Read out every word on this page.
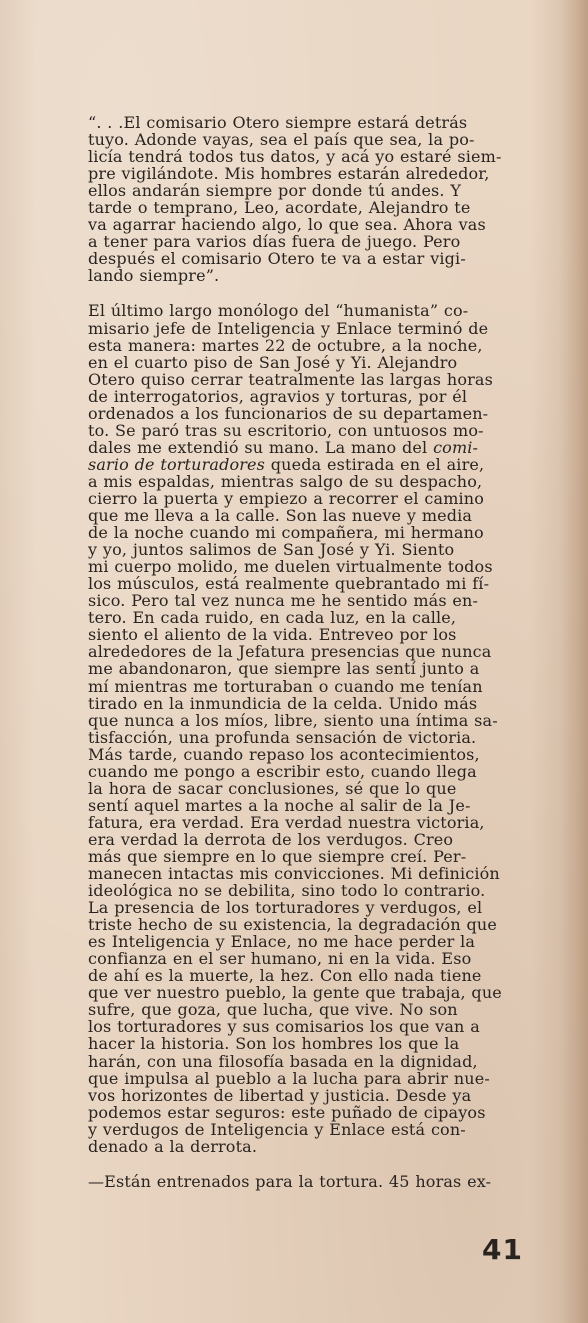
“. . .El comisario Otero siempre estará detrás
tuyo. Adonde vayas, sea el país que sea, la po-
licía tendrá todos tus datos, y acá yo estaré siem-
pre vigilándote. Mis hombres estarán alrededor,
ellos andarán siempre por donde tú andes. Y
tarde o temprano, Leo, acordate, Alejandro te
va agarrar haciendo algo, lo que sea. Ahora vas
a tener para varios días fuera de juego. Pero
después el comisario Otero te va a estar vigi-
lando siempre”.

El último largo monólogo del “humanista” co-
misario jefe de Inteligencia y Enlace terminó de
esta manera: martes 22 de octubre, a la noche,
en el cuarto piso de San José y Yi. Alejandro
Otero quiso cerrar teatralmente las largas horas
de interrogatorios, agravios y torturas, por él
ordenados a los funcionarios de su departamen-
to. Se paró tras su escritorio, con untuosos mo-
dales me extendió su mano. La mano del comi-
sario de torturadores queda estirada en el aire,
a mis espaldas, mientras salgo de su despacho,
cierro la puerta y empiezo a recorrer el camino
que me lleva a la calle. Son las nueve y media
de la noche cuando mi compañera, mi hermano
y yo, juntos salimos de San José y Yi. Siento
mi cuerpo molido, me duelen virtualmente todos
los músculos, está realmente quebrantado mi fí-
sico. Pero tal vez nunca me he sentido más en-
tero. En cada ruido, en cada luz, en la calle,
siento el aliento de la vida. Entreveo por los
alrededores de la Jefatura presencias que nunca
me abandonaron, que siempre las sentí junto a
mí mientras me torturaban o cuando me tenían
tirado en la inmundicia de la celda. Unido más
que nunca a los míos, libre, siento una íntima sa-
tisfacción, una profunda sensación de victoria.
Más tarde, cuando repaso los acontecimientos,
cuando me pongo a escribir esto, cuando llega
la hora de sacar conclusiones, sé que lo que
sentí aquel martes a la noche al salir de la Je-
fatura, era verdad. Era verdad nuestra victoria,
era verdad la derrota de los verdugos. Creo
más que siempre en lo que siempre creí. Per-
manecen intactas mis convicciones. Mi definición
ideológica no se debilita, sino todo lo contrario.
La presencia de los torturadores y verdugos, el
triste hecho de su existencia, la degradación que
es Inteligencia y Enlace, no me hace perder la
confianza en el ser humano, ni en la vida. Eso
de ahí es la muerte, la hez. Con ello nada tiene
que ver nuestro pueblo, la gente que trabaja, que
sufre, que goza, que lucha, que vive. No son
los torturadores y sus comisarios los que van a
hacer la historia. Son los hombres los que la
harán, con una filosofía basada en la dignidad,
que impulsa al pueblo a la lucha para abrir nue-
vos horizontes de libertad y justicia. Desde ya
podemos estar seguros: este puñado de cipayos
y verdugos de Inteligencia y Enlace está con-
denado a la derrota.

—Están entrenados para la tortura. 45 horas ex-

41
